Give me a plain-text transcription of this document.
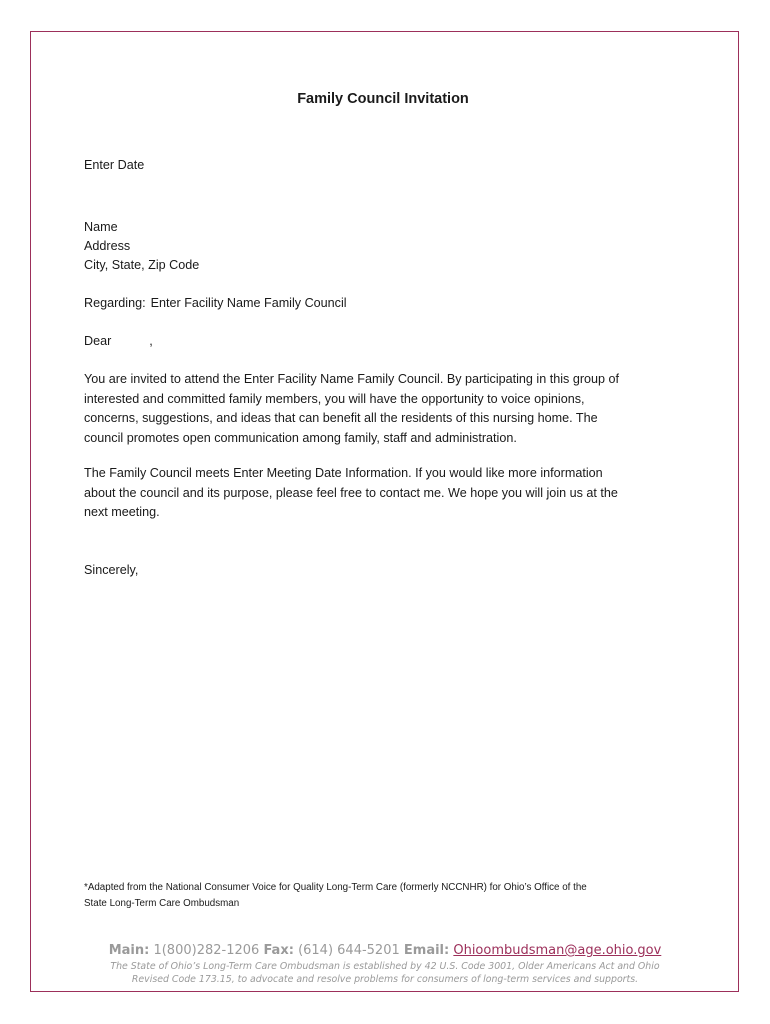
Family Council Invitation
Enter Date
Name
Address
City, State, Zip Code
Regarding: Enter Facility Name Family Council
Dear	,
You are invited to attend the Enter Facility Name Family Council. By participating in this group of
interested and committed family members, you will have the opportunity to voice opinions,
concerns, suggestions, and ideas that can benefit all the residents of this nursing home. The
council promotes open communication among family, staff and administration.
The Family Council meets Enter Meeting Date Information. If you would like more information
about the council and its purpose, please feel free to contact me. We hope you will join us at the
next meeting.
Sincerely,
*Adapted from the National Consumer Voice for Quality Long-Term Care (formerly NCCNHR) for Ohio’s Office of the
State Long-Term Care Ombudsman
Main: 1(800)282-1206 Fax: (614) 644-5201 Email: Ohioombudsman@age.ohio.gov
The State of Ohio’s Long-Term Care Ombudsman is established by 42 U.S. Code 3001, Older Americans Act and Ohio
Revised Code 173.15, to advocate and resolve problems for consumers of long-term services and supports.
